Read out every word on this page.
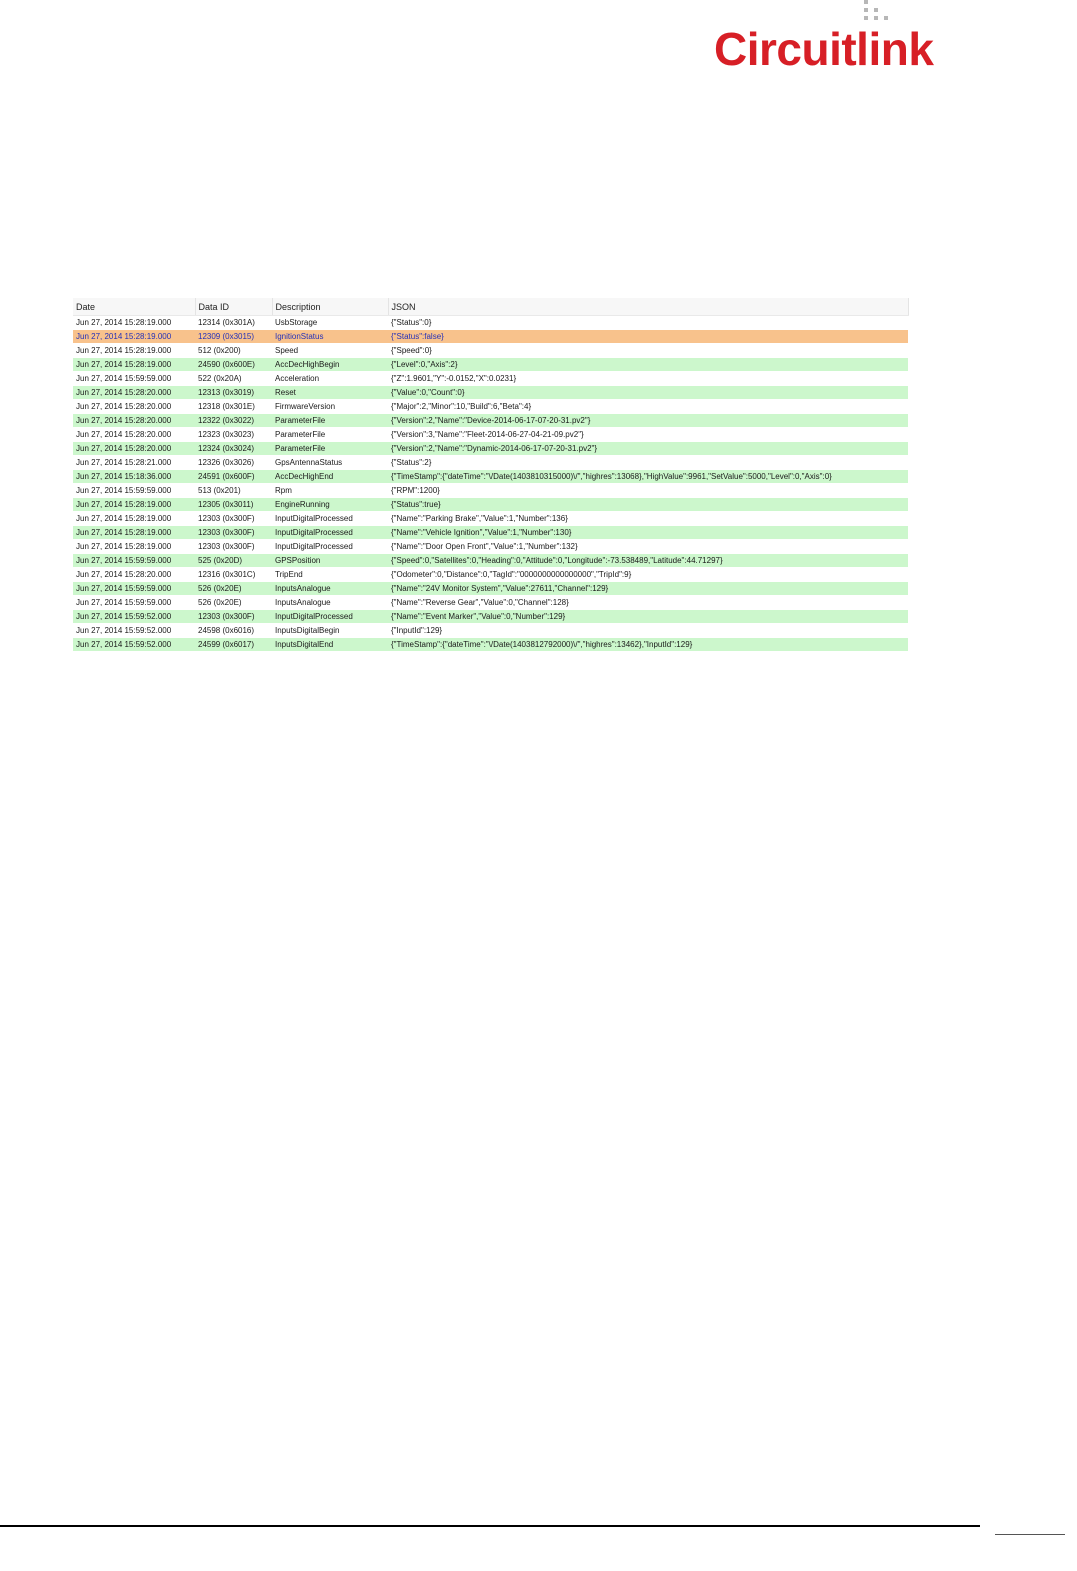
Circuitlink
Date	Data ID	Description	JSON
Jun 27, 2014 15:28:19.000	12314 (0x301A)	UsbStorage	{"Status":0}
Jun 27, 2014 15:28:19.000	12309 (0x3015)	IgnitionStatus	{"Status":false}
Jun 27, 2014 15:28:19.000	512 (0x200)	Speed	{"Speed":0}
Jun 27, 2014 15:28:19.000	24590 (0x600E)	AccDecHighBegin	{"Level":0,"Axis":2}
Jun 27, 2014 15:59:59.000	522 (0x20A)	Acceleration	{"Z":1.9601,"Y":-0.0152,"X":0.0231}
Jun 27, 2014 15:28:20.000	12313 (0x3019)	Reset	{"Value":0,"Count":0}
Jun 27, 2014 15:28:20.000	12318 (0x301E)	FirmwareVersion	{"Major":2,"Minor":10,"Build":6,"Beta":4}
Jun 27, 2014 15:28:20.000	12322 (0x3022)	ParameterFile	{"Version":2,"Name":"Device-2014-06-17-07-20-31.pv2"}
Jun 27, 2014 15:28:20.000	12323 (0x3023)	ParameterFile	{"Version":3,"Name":"Fleet-2014-06-27-04-21-09.pv2"}
Jun 27, 2014 15:28:20.000	12324 (0x3024)	ParameterFile	{"Version":2,"Name":"Dynamic-2014-06-17-07-20-31.pv2"}
Jun 27, 2014 15:28:21.000	12326 (0x3026)	GpsAntennaStatus	{"Status":2}
Jun 27, 2014 15:18:36.000	24591 (0x600F)	AccDecHighEnd	{"TimeStamp":{"dateTime":"\/Date(1403810315000)\/","highres":13068},"HighValue":9961,"SetValue":5000,"Level":0,"Axis":0}
Jun 27, 2014 15:59:59.000	513 (0x201)	Rpm	{"RPM":1200}
Jun 27, 2014 15:28:19.000	12305 (0x3011)	EngineRunning	{"Status":true}
Jun 27, 2014 15:28:19.000	12303 (0x300F)	InputDigitalProcessed	{"Name":"Parking Brake","Value":1,"Number":136}
Jun 27, 2014 15:28:19.000	12303 (0x300F)	InputDigitalProcessed	{"Name":"Vehicle Ignition","Value":1,"Number":130}
Jun 27, 2014 15:28:19.000	12303 (0x300F)	InputDigitalProcessed	{"Name":"Door Open Front","Value":1,"Number":132}
Jun 27, 2014 15:59:59.000	525 (0x20D)	GPSPosition	{"Speed":0,"Satellites":0,"Heading":0,"Attitude":0,"Longitude":-73.538489,"Latitude":44.71297}
Jun 27, 2014 15:28:20.000	12316 (0x301C)	TripEnd	{"Odometer":0,"Distance":0,"TagId":"0000000000000000","TripId":9}
Jun 27, 2014 15:59:59.000	526 (0x20E)	InputsAnalogue	{"Name":"24V Monitor System","Value":27611,"Channel":129}
Jun 27, 2014 15:59:59.000	526 (0x20E)	InputsAnalogue	{"Name":"Reverse Gear","Value":0,"Channel":128}
Jun 27, 2014 15:59:52.000	12303 (0x300F)	InputDigitalProcessed	{"Name":"Event Marker","Value":0,"Number":129}
Jun 27, 2014 15:59:52.000	24598 (0x6016)	InputsDigitalBegin	{"InputId":129}
Jun 27, 2014 15:59:52.000	24599 (0x6017)	InputsDigitalEnd	{"TimeStamp":{"dateTime":"\/Date(1403812792000)\/","highres":13462},"InputId":129}
